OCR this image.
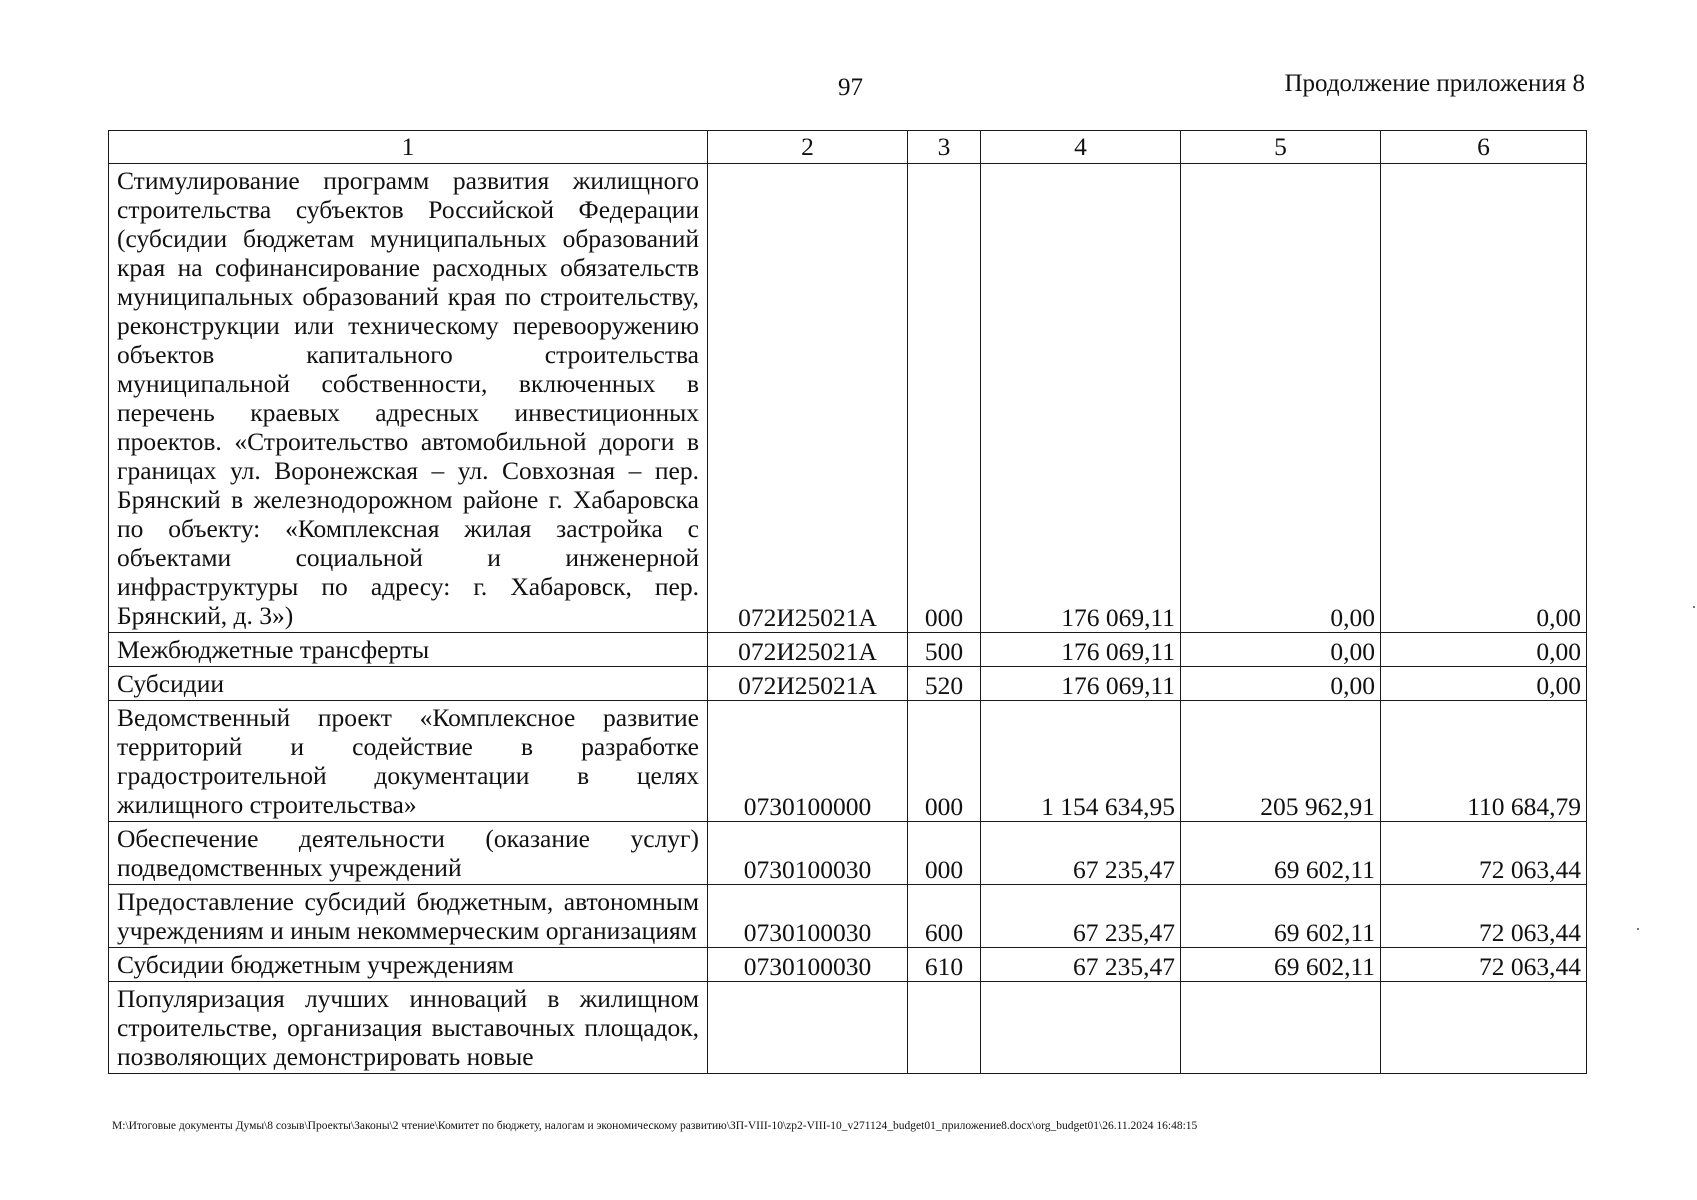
97	Продолжение приложения 8
1	2	3	4	5	6
Стимулирование программ развития жилищного строительства субъектов Российской Федерации (субсидии бюджетам муниципальных образований края на софинансирование расходных обязательств муниципальных образований края по строительству, реконструкции или техническому перевооружению объектов капитального строительства муниципальной собственности, включенных в перечень краевых адресных инвестиционных проектов. «Строительство автомобильной дороги в границах ул. Воронежская – ул. Совхозная – пер. Брянский в железнодорожном районе г. Хабаровска по объекту: «Комплексная жилая застройка с объектами социальной и инженерной инфраструктуры по адресу: г. Хабаровск, пер. Брянский, д. 3»)	072И25021А	000	176 069,11	0,00	0,00
Межбюджетные трансферты	072И25021А	500	176 069,11	0,00	0,00
Субсидии	072И25021А	520	176 069,11	0,00	0,00
Ведомственный проект «Комплексное развитие территорий и содействие в разработке градостроительной документации в целях жилищного строительства»	0730100000	000	1 154 634,95	205 962,91	110 684,79
Обеспечение деятельности (оказание услуг) подведомственных учреждений	0730100030	000	67 235,47	69 602,11	72 063,44
Предоставление субсидий бюджетным, автономным учреждениям и иным некоммерческим организациям	0730100030	600	67 235,47	69 602,11	72 063,44
Субсидии бюджетным учреждениям	0730100030	610	67 235,47	69 602,11	72 063,44
Популяризация лучших инноваций в жилищном строительстве, организация выставочных площадок, позволяющих демонстрировать новые					
M:\Итоговые документы Думы\8 созыв\Проекты\Законы\2 чтение\Комитет по бюджету, налогам и экономическому развитию\ЗП-VIII-10\zp2-VIII-10_v271124_budget01_приложение8.docx\org_budget01\26.11.2024 16:48:15
